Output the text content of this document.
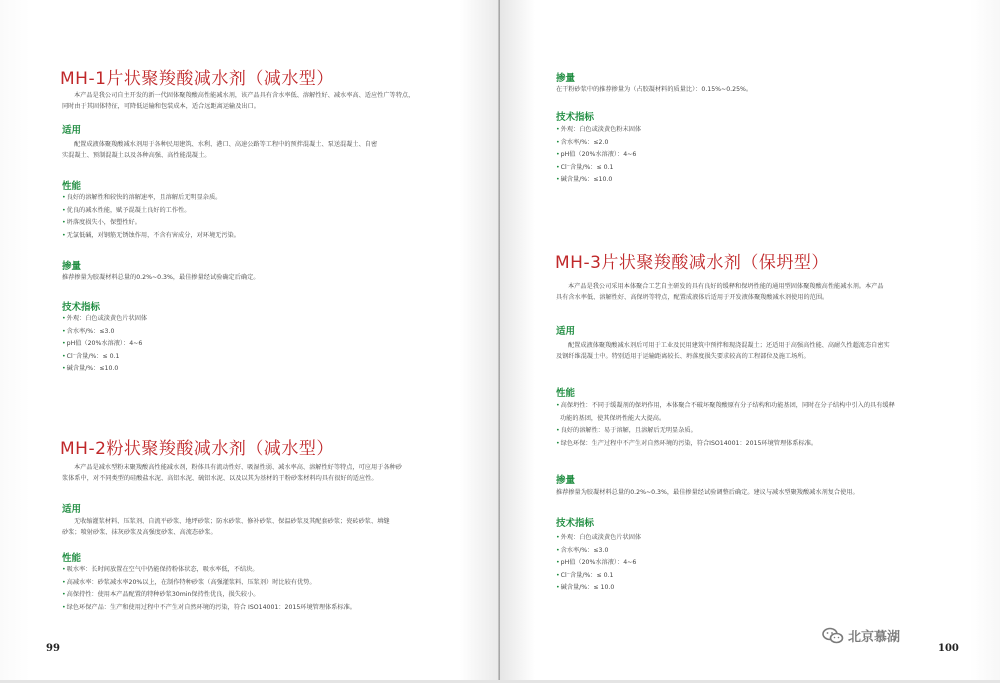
MH-1片状聚羧酸减水剂（减水型）
本产品是我公司自主开发的新一代固体聚羧酸高性能减水剂，该产品具有含水率低、溶解性好、减水率高、适应性广等特点，
同时由于其固体特征，可降低运输和包装成本，适合远距离运输及出口。
适用
配置成液体聚羧酸减水剂用于各种民用建筑、水利、港口、高速公路等工程中的预拌混凝土、泵送混凝土、自密
实混凝土、预制混凝土以及各种高强、高性能混凝土。
性能
•良好的溶解性和较快的溶解速率，且溶解后无明显杂质。
•优良的减水性能，赋予混凝土良好的工作性。
•坍落度损失小，保塑性好。
•无氯低碱，对钢筋无锈蚀作用，不含有害成分，对环境无污染。
掺量
推荐掺量为胶凝材料总量的0.2%~0.3%，最佳掺量经试验确定后确定。
技术指标
•外观：白色或淡黄色片状固体
•含水率/%：≤3.0
•pH值（20%水溶液）：4~6
•Cl⁻含量/%：≤ 0.1
•碱含量/%：≤10.0
MH-2粉状聚羧酸减水剂（减水型）
本产品是减水型粉末聚羧酸高性能减水剂，粉体具有流动性好、吸湿性弱、减水率高、溶解性好等特点，可应用于各种砂
浆体系中，对不同类型的硅酸盐水泥、高铝水泥、硫铝水泥、以及以其为基材的干粉砂浆材料均具有很好的适应性。
适用
无收缩灌浆材料、压浆剂、自流平砂浆、地坪砂浆；防水砂浆、修补砂浆、保温砂浆及其配套砂浆；瓷砖砂浆、填缝
砂浆；喷射砂浆、抹灰砂浆及高强度砂浆、高流态砂浆。
性能
•吸水率：长时间放置在空气中仍能保持粉体状态，吸水率低，不结块。
•高减水率：砂浆减水率20%以上，在制作特种砂浆（高强灌浆料、压浆剂）时比较有优势。
•高保持性：使用本产品配置的特种砂浆30min保持性优良，损失较小。
•绿色环保产品：生产和使用过程中不产生对自然环境的污染，符合 ISO14001：2015环境管理体系标准。
99
掺量
在干粉砂浆中的推荐掺量为（占胶凝材料的质量比）：0.15%~0.25%。
技术指标
•外观：白色或淡黄色粉末固体
•含水率/%：≤2.0
•pH值（20%水溶液）：4~6
•Cl⁻含量/%：≤ 0.1
•碱含量/%：≤10.0
MH-3片状聚羧酸减水剂（保坍型）
本产品是我公司采用本体聚合工艺自主研发的具有良好的缓释和保坍性能的通用型固体聚羧酸高性能减水剂。本产品
具有含水率低、溶解性好、高保坍等特点，配置成液体后适用于开发液体聚羧酸减水剂使用的范围。
适用
配置成液体聚羧酸减水剂后可用于工业及民用建筑中预拌和现浇混凝土；还适用于高强高性能、高耐久性超流态自密实
及钢纤维混凝土中。特别适用于运输距离较长、坍落度损失要求较高的工程部位及施工场所。
性能
•高保坍性：不同于缓凝剂的保坍作用，本体聚合不破坏聚羧酸原有分子结构和功能基团，同时在分子结构中引入的具有缓释
功能的基团，使其保坍性能大大提高。
•良好的溶解性：易于溶解，且溶解后无明显杂质。
•绿色环保：生产过程中不产生对自然环境的污染，符合ISO14001：2015环境管理体系标准。
掺量
推荐掺量为胶凝材料总量的0.2%~0.3%，最佳掺量经试验调整后确定。建议与减水型聚羧酸减水剂复合使用。
技术指标
•外观：白色或淡黄色片状固体
•含水率/%：≤3.0
•pH值（20%水溶液）：4~6
•Cl⁻含量/%：≤ 0.1
•碱含量/%：≤ 10.0
100
北京慕湖
